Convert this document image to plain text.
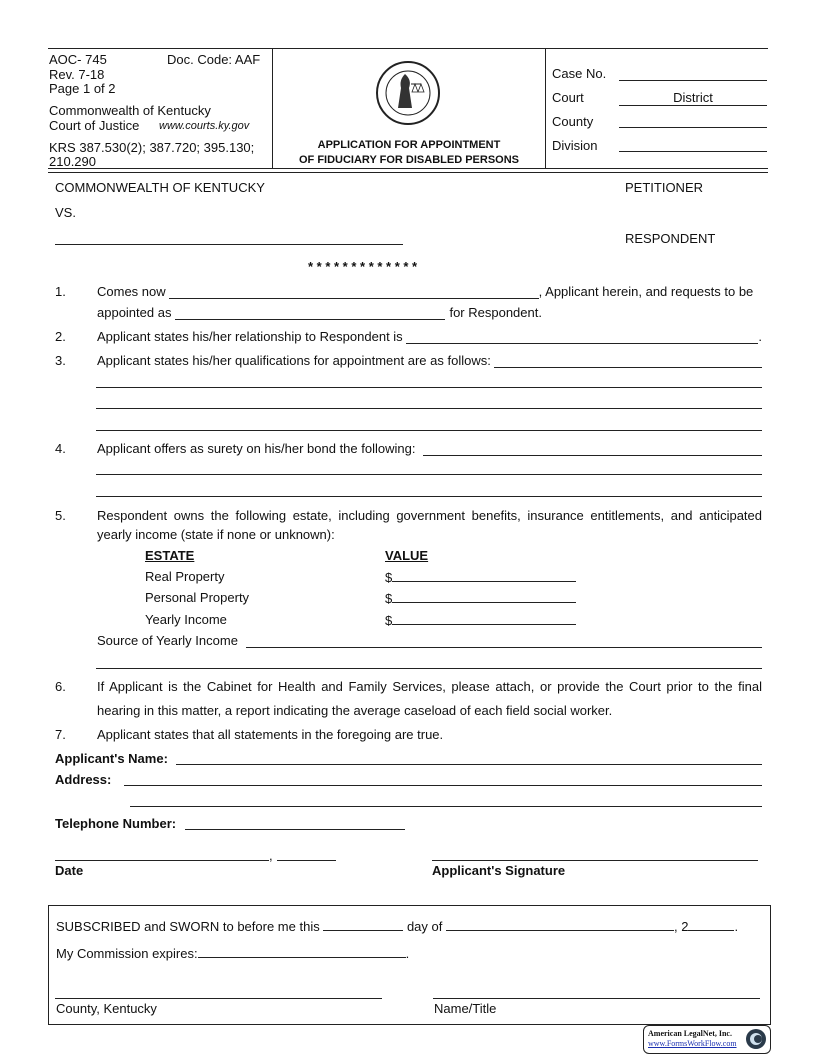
AOC- 745	Doc. Code: AAF
Rev. 7-18
Page 1 of 2
Commonwealth of Kentucky
Court of Justice www.courts.ky.gov
KRS 387.530(2); 387.720; 395.130;
210.290
APPLICATION FOR APPOINTMENT
OF FIDUCIARY FOR DISABLED PERSONS
Case No.
Court	District
County
Division
COMMONWEALTH OF KENTUCKY	PETITIONER
VS.
RESPONDENT
* * * * * * * * * * * * *
1. Comes now	, Applicant herein, and requests to be
appointed as	for Respondent.
2. Applicant states his/her relationship to Respondent is	.
3. Applicant states his/her qualifications for appointment are as follows:
4. Applicant offers as surety on his/her bond the following:
5. Respondent owns the following estate, including government benefits, insurance entitlements, and anticipated
yearly income (state if none or unknown):
ESTATE	VALUE
Real Property	$
Personal Property	$
Yearly Income	$
Source of Yearly Income
6. If Applicant is the Cabinet for Health and Family Services, please attach, or provide the Court prior to the final
hearing in this matter, a report indicating the average caseload of each field social worker.
7. Applicant states that all statements in the foregoing are true.
Applicant's Name:
Address:
Telephone Number:
,
Date	Applicant's Signature
SUBSCRIBED and SWORN to before me this	day of	, 2	.
My Commission expires:	.
County, Kentucky	Name/Title
American LegalNet, Inc.
www.FormsWorkFlow.com
